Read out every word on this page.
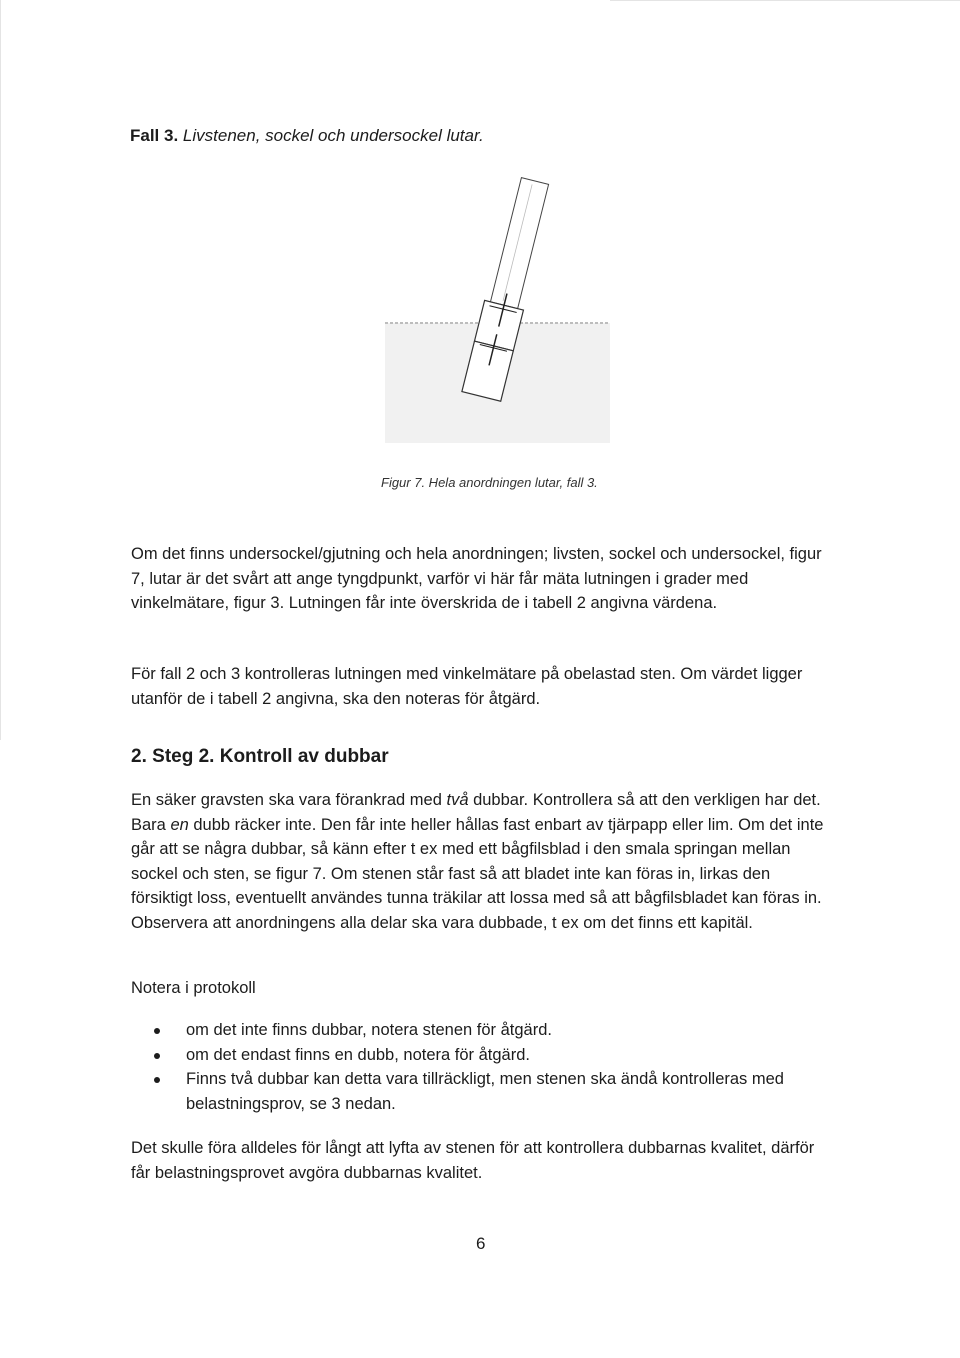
Fall 3. Livstenen, sockel och undersockel lutar.
Figur 7. Hela anordningen lutar, fall 3.

Om det finns undersockel/gjutning och hela anordningen; livsten, sockel och undersockel, figur 7, lutar är det svårt att ange tyngdpunkt, varför vi här får mäta lutningen i grader med vinkelmätare, figur 3. Lutningen får inte överskrida de i tabell 2 angivna värdena.

För fall 2 och 3 kontrolleras lutningen med vinkelmätare på obelastad sten. Om värdet ligger utanför de i tabell 2 angivna, ska den noteras för åtgärd.

2. Steg 2. Kontroll av dubbar

En säker gravsten ska vara förankrad med två dubbar. Kontrollera så att den verkligen har det. Bara en dubb räcker inte. Den får inte heller hållas fast enbart av tjärpapp eller lim. Om det inte går att se några dubbar, så känn efter t ex med ett bågfilsblad i den smala springan mellan sockel och sten, se figur 7. Om stenen står fast så att bladet inte kan föras in, lirkas den försiktigt loss, eventuellt användes tunna träkilar att lossa med så att bågfilsbladet kan föras in. Observera att anordningens alla delar ska vara dubbade, t ex om det finns ett kapitäl.

Notera i protokoll

om det inte finns dubbar, notera stenen för åtgärd.
om det endast finns en dubb, notera för åtgärd.
Finns två dubbar kan detta vara tillräckligt, men stenen ska ändå kontrolleras med belastningsprov, se 3 nedan.

Det skulle föra alldeles för långt att lyfta av stenen för att kontrollera dubbarnas kvalitet, därför får belastningsprovet avgöra dubbarnas kvalitet.

6
